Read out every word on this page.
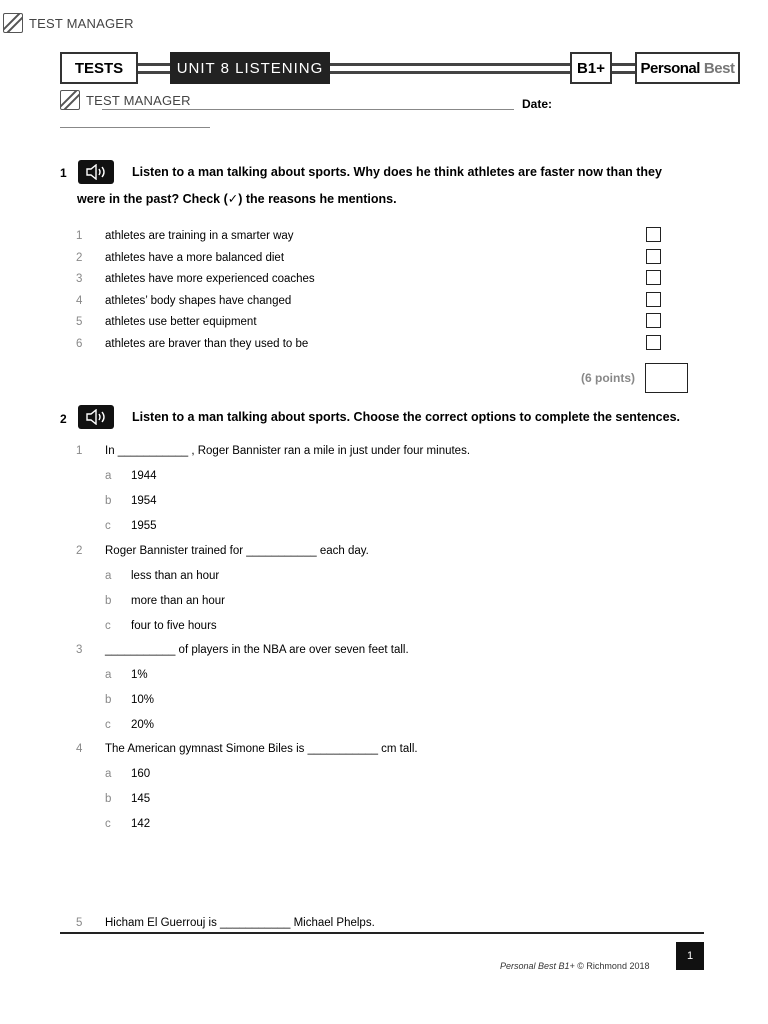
TEST MANAGER
TESTS	UNIT 8 LISTENING	B1+	Personal Best
TEST MANAGER	Date:
1	Listen to a man talking about sports. Why does he think athletes are faster now than they
were in the past? Check (✓) the reasons he mentions.
1	athletes are training in a smarter way
2	athletes have a more balanced diet
3	athletes have more experienced coaches
4	athletes’ body shapes have changed
5	athletes use better equipment
6	athletes are braver than they used to be
(6 points)
2	Listen to a man talking about sports. Choose the correct options to complete the sentences.
1	In ___________ , Roger Bannister ran a mile in just under four minutes.
a	1944
b	1954
c	1955
2	Roger Bannister trained for ___________ each day.
a	less than an hour
b	more than an hour
c	four to five hours
3	___________ of players in the NBA are over seven feet tall.
a	1%
b	10%
c	20%
4	The American gymnast Simone Biles is ___________ cm tall.
a	160
b	145
c	142
5	Hicham El Guerrouj is ___________ Michael Phelps.
Personal Best B1+ © Richmond 2018
1
